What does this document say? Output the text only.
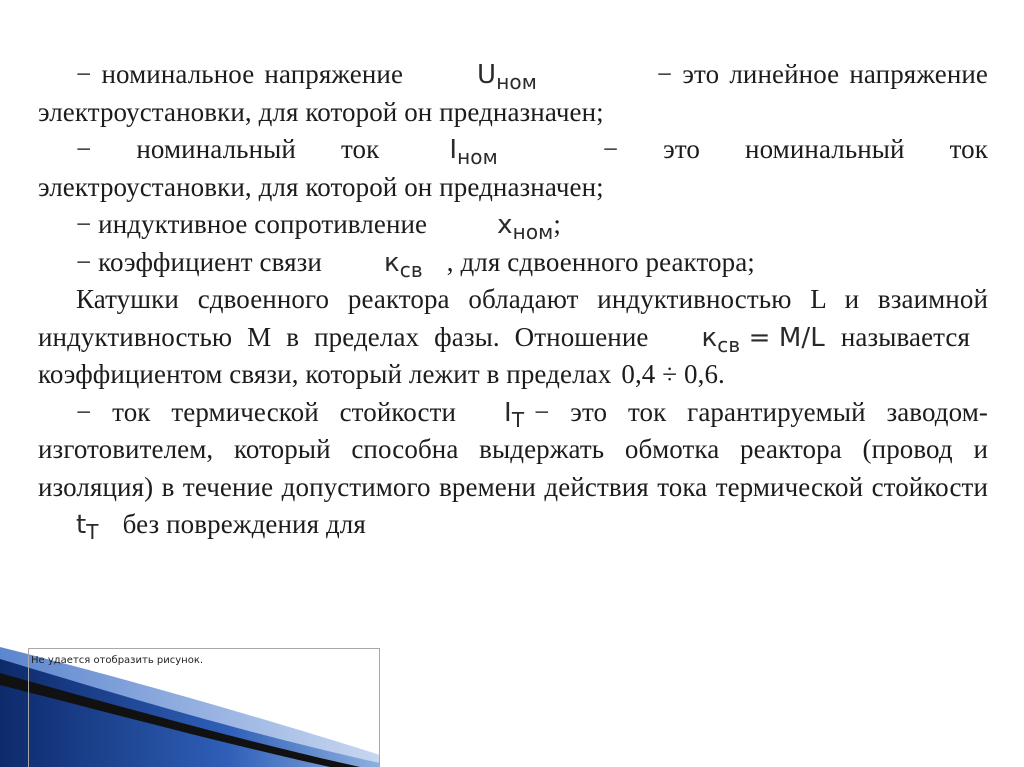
Не удается отобразить рисунок.

− номинальное напряжение	$U_{ном}$	− это линейное напряжение электроустановки, для которой он предназначен;

− номинальный ток	$I_{ном}$	− это номинальный ток электроустановки, для которой он предназначен;

− индуктивное сопротивление	$x_{ном}$;

− коэффициент связи $к_{св}$ , для сдвоенного реактора;

Катушки сдвоенного реактора обладают индуктивностью L и взаимной индуктивностью М в пределах фазы. Отношение $к_{св} = M/L$ называетсякоэффициентом связи, который лежит в пределах 0,4 ÷ 0,6.

− ток термической стойкости $I_Т$ − это ток гарантируемый заводом-изготовителем, который способна выдержать обмотка реактора (провод и изоляция) в течение допустимого времени действия тока термической стойкостиt$_Т$ без повреждения для
